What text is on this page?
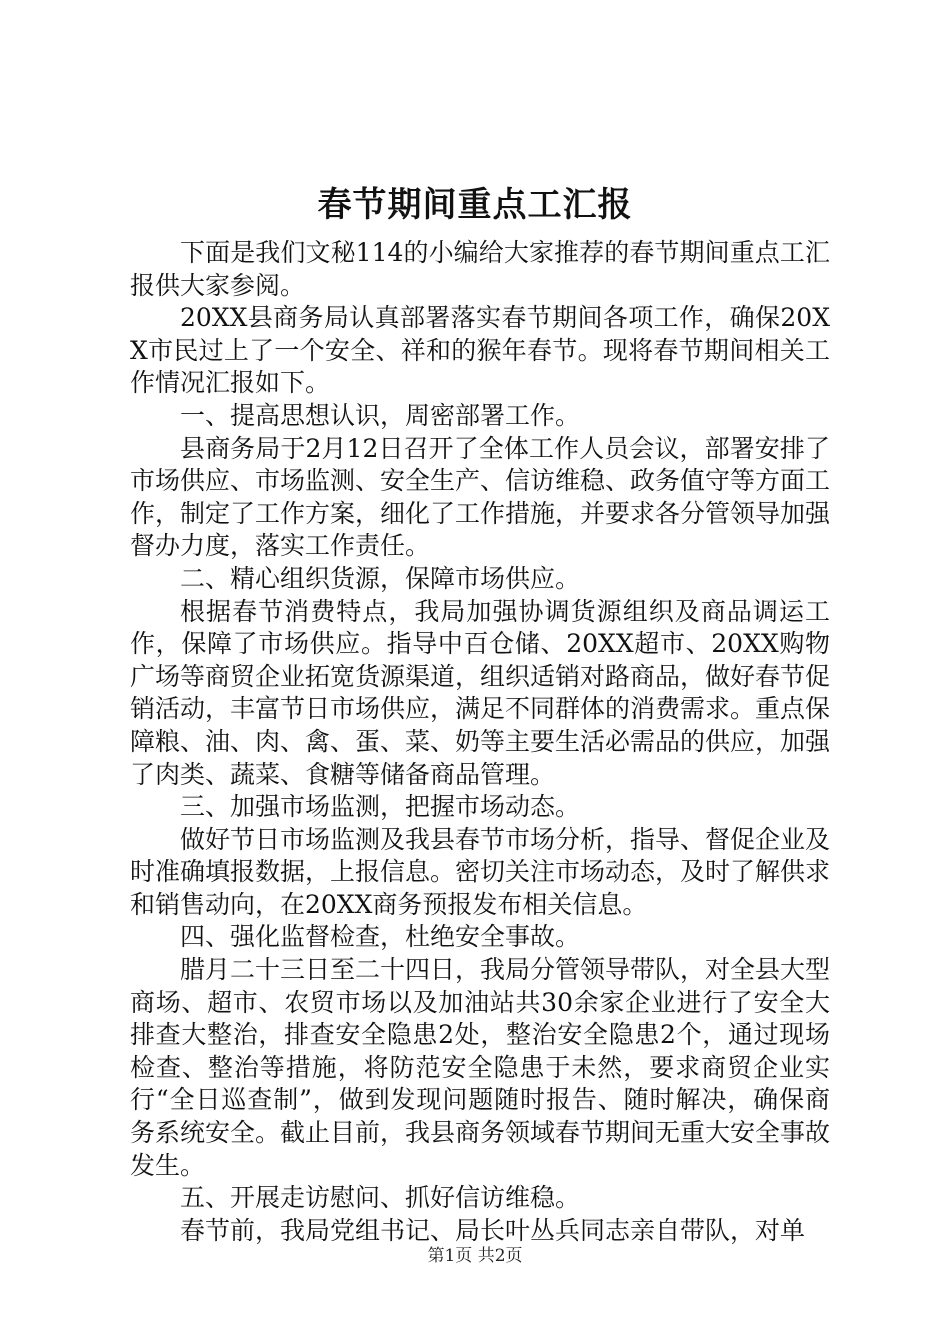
春节期间重点工汇报

下面是我们文秘114的小编给大家推荐的春节期间重点工汇报供大家参阅。

20XX县商务局认真部署落实春节期间各项工作，确保20XX市民过上了一个安全、祥和的猴年春节。现将春节期间相关工作情况汇报如下。

一、提高思想认识，周密部署工作。

县商务局于2月12日召开了全体工作人员会议，部署安排了市场供应、市场监测、安全生产、信访维稳、政务值守等方面工作，制定了工作方案，细化了工作措施，并要求各分管领导加强督办力度，落实工作责任。

二、精心组织货源，保障市场供应。

根据春节消费特点，我局加强协调货源组织及商品调运工作，保障了市场供应。指导中百仓储、20XX超市、20XX购物广场等商贸企业拓宽货源渠道，组织适销对路商品，做好春节促销活动，丰富节日市场供应，满足不同群体的消费需求。重点保障粮、油、肉、禽、蛋、菜、奶等主要生活必需品的供应，加强了肉类、蔬菜、食糖等储备商品管理。

三、加强市场监测，把握市场动态。

做好节日市场监测及我县春节市场分析，指导、督促企业及时准确填报数据，上报信息。密切关注市场动态，及时了解供求和销售动向，在20XX商务预报发布相关信息。

四、强化监督检查，杜绝安全事故。

腊月二十三日至二十四日，我局分管领导带队，对全县大型商场、超市、农贸市场以及加油站共30余家企业进行了安全大排查大整治，排查安全隐患2处，整治安全隐患2个，通过现场检查、整治等措施，将防范安全隐患于未然，要求商贸企业实行“全日巡查制”，做到发现问题随时报告、随时解决，确保商务系统安全。截止目前，我县商务领域春节期间无重大安全事故发生。

五、开展走访慰问、抓好信访维稳。

春节前，我局党组书记、局长叶丛兵同志亲自带队，对单

第1页 共2页
